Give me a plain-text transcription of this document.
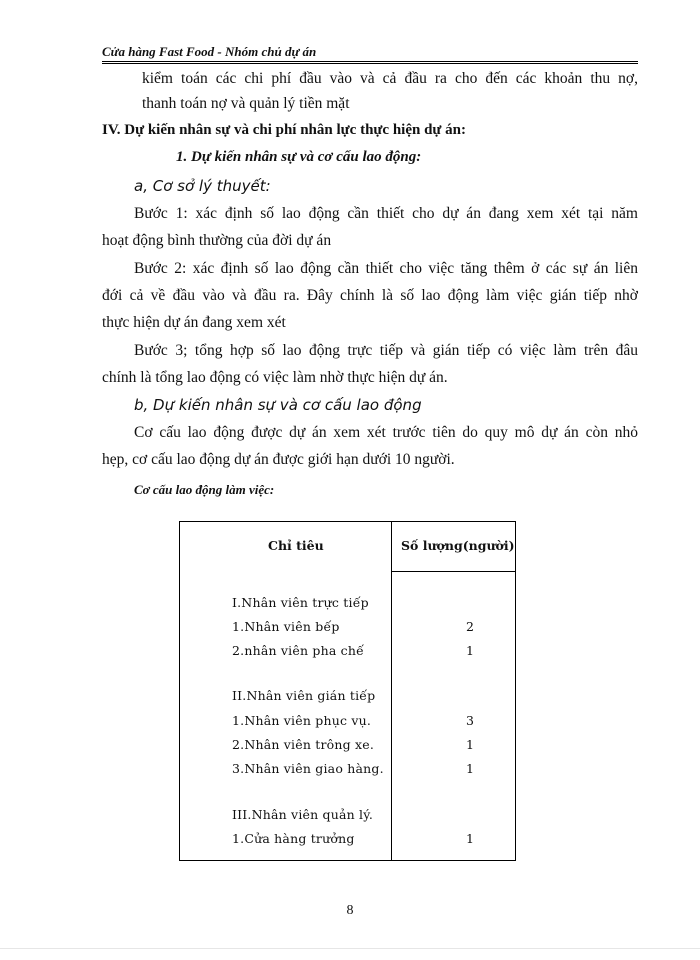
Cửa hàng Fast Food - Nhóm chủ dự án
kiểm toán các chi phí đầu vào và cả đầu ra cho đến các khoản thu nợ,
thanh toán nợ và quản lý tiền mặt
IV. Dự kiến nhân sự và chi phí nhân lực thực hiện dự án:
1. Dự kiến nhân sự và cơ cấu lao động:
a, Cơ sở lý thuyết:
Bước 1: xác định số lao động cần thiết cho dự án đang xem xét tại năm
hoạt động bình thường của đời dự án
Bước 2: xác định số lao động cần thiết cho việc tăng thêm ở các sự án liên
đới cả về đầu vào và đầu ra. Đây chính là số lao động làm việc gián tiếp nhờ
thực hiện dự án đang xem xét
Bước 3; tổng hợp số lao động trực tiếp và gián tiếp có việc làm trên đâu
chính là tổng lao động có việc làm nhờ thực hiện dự án.
b, Dự kiến nhân sự và cơ cấu lao động
Cơ cấu lao động được dự án xem xét trước tiên do quy mô dự án còn nhỏ
hẹp, cơ cấu lao động dự án được giới hạn dưới 10 người.
Cơ cấu lao động làm việc:
Chỉ tiêu	Số lượng(người)
I.Nhân viên trực tiếp
1.Nhân viên bếp	2
2.nhân viên pha chế	1
II.Nhân viên gián tiếp
1.Nhân viên phục vụ.	3
2.Nhân viên trông xe.	1
3.Nhân viên giao hàng.	1
III.Nhân viên quản lý.
1.Cửa hàng trưởng	1
8
